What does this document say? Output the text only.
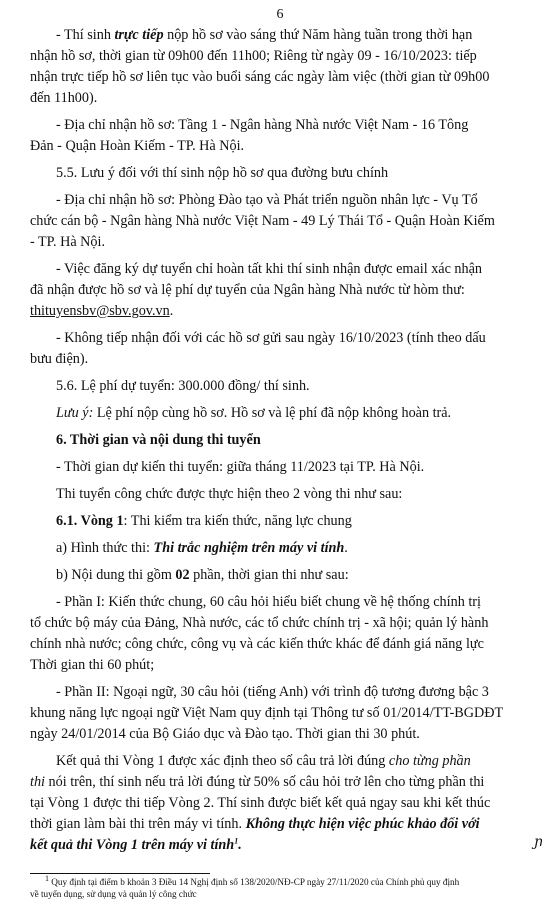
6

- Thí sinh trực tiếp nộp hồ sơ vào sáng thứ Năm hàng tuần trong thời hạn
nhận hồ sơ, thời gian từ 09h00 đến 11h00; Riêng từ ngày 09 - 16/10/2023: tiếp
nhận trực tiếp hồ sơ liên tục vào buổi sáng các ngày làm việc (thời gian từ 09h00
đến 11h00).

- Địa chỉ nhận hồ sơ: Tầng 1 - Ngân hàng Nhà nước Việt Nam - 16 Tông
Đản - Quận Hoàn Kiếm - TP. Hà Nội.

5.5. Lưu ý đối với thí sinh nộp hồ sơ qua đường bưu chính

- Địa chỉ nhận hồ sơ: Phòng Đào tạo và Phát triển nguồn nhân lực - Vụ Tổ
chức cán bộ - Ngân hàng Nhà nước Việt Nam - 49 Lý Thái Tổ - Quận Hoàn Kiếm
- TP. Hà Nội.

- Việc đăng ký dự tuyển chỉ hoàn tất khi thí sinh nhận được email xác nhận
đã nhận được hồ sơ và lệ phí dự tuyển của Ngân hàng Nhà nước từ hòm thư:
thituyensbv@sbv.gov.vn.

- Không tiếp nhận đối với các hồ sơ gửi sau ngày 16/10/2023 (tính theo dấu
bưu điện).

5.6. Lệ phí dự tuyển: 300.000 đồng/ thí sinh.

Lưu ý: Lệ phí nộp cùng hồ sơ. Hồ sơ và lệ phí đã nộp không hoàn trả.

6. Thời gian và nội dung thi tuyển

- Thời gian dự kiến thi tuyển: giữa tháng 11/2023 tại TP. Hà Nội.

Thi tuyển công chức được thực hiện theo 2 vòng thi như sau:

6.1. Vòng 1: Thi kiểm tra kiến thức, năng lực chung

a) Hình thức thi: Thi trắc nghiệm trên máy vi tính.

b) Nội dung thi gồm 02 phần, thời gian thi như sau:

- Phần I: Kiến thức chung, 60 câu hỏi hiểu biết chung về hệ thống chính trị
tổ chức bộ máy của Đảng, Nhà nước, các tổ chức chính trị - xã hội; quản lý hành
chính nhà nước; công chức, công vụ và các kiến thức khác để đánh giá năng lực
Thời gian thi 60 phút;

- Phần II: Ngoại ngữ, 30 câu hỏi (tiếng Anh) với trình độ tương đương bậc 3
khung năng lực ngoại ngữ Việt Nam quy định tại Thông tư số 01/2014/TT-BGDĐT
ngày 24/01/2014 của Bộ Giáo dục và Đào tạo. Thời gian thi 30 phút.

Kết quả thi Vòng 1 được xác định theo số câu trả lời đúng cho từng phần
thi nói trên, thí sinh nếu trả lời đúng từ 50% số câu hỏi trở lên cho từng phần thi
tại Vòng 1 được thi tiếp Vòng 2. Thí sinh được biết kết quả ngay sau khi kết thúc
thời gian làm bài thi trên máy vi tính. Không thực hiện việc phúc khảo đối với
kết quả thi Vòng 1 trên máy vi tính$^1$.	ɲ

$^1$ Quy định tại điểm b khoản 3 Điều 14 Nghị định số 138/2020/NĐ-CP ngày 27/11/2020 của Chính phủ quy định

về tuyển dụng, sử dụng và quản lý công chức
